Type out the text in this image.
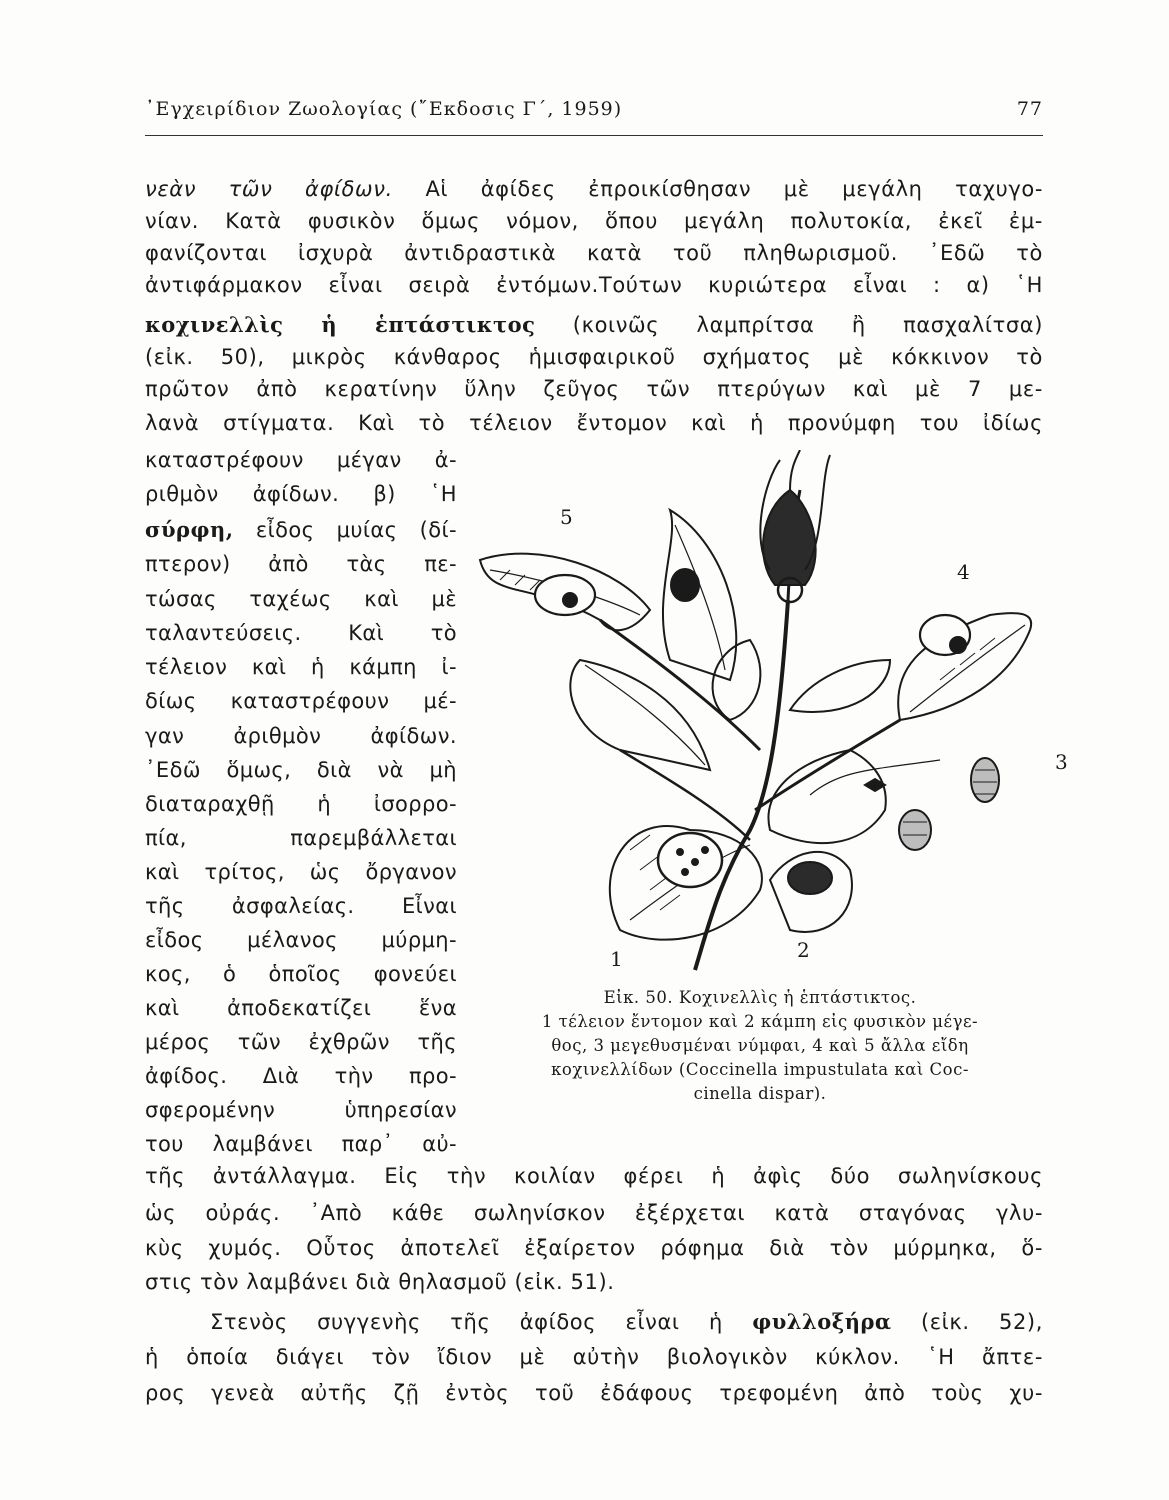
᾿Εγχειρίδιον Ζωολογίας (῎Εκδοσις Γ΄, 1959)	77
νεὰν τῶν ἀφίδων. Αἱ ἀφίδες ἐπροικίσθησαν μὲ μεγάλη ταχυγο-
νίαν. Κατὰ φυσικὸν ὅμως νόμον, ὅπου μεγάλη πολυτοκία, ἐκεῖ ἐμ-
φανίζονται ἰσχυρὰ ἀντιδραστικὰ κατὰ τοῦ πληθωρισμοῦ. ᾿Εδῶ τὸ
ἀντιφάρμακον εἶναι σειρὰ ἐντόμων.Τούτων κυριώτερα εἶναι : α) ῾Η
κοχινελλὶς ἡ ἑπτάστικτος (κοινῶς λαμπρίτσα ἢ πασχαλίτσα)
(εἰκ. 50), μικρὸς κάνθαρος ἡμισφαιρικοῦ σχήματος μὲ κόκκινον τὸ
πρῶτον ἀπὸ κερατίνην ὕλην ζεῦγος τῶν πτερύγων καὶ μὲ 7 με-
λανὰ στίγματα. Καὶ τὸ τέλειον ἔντομον καὶ ἡ προνύμφη του ἰδίως
καταστρέφουν μέγαν ἀ-
ριθμὸν ἀφίδων. β) ῾Η
σύρφη, εἶδος μυίας (δί-
πτερον) ἀπὸ τὰς πε-
τώσας ταχέως καὶ μὲ
ταλαντεύσεις. Καὶ τὸ
τέλειον καὶ ἡ κάμπη ἰ-
δίως καταστρέφουν μέ-
γαν ἀριθμὸν ἀφίδων.
᾿Εδῶ ὅμως, διὰ νὰ μὴ
διαταραχθῇ ἡ ἰσορρο-
πία, παρεμβάλλεται
καὶ τρίτος, ὡς ὄργανον
τῆς ἀσφαλείας. Εἶναι
εἶδος μέλανος μύρμη-
κος, ὁ ὁποῖος φονεύει
καὶ ἀποδεκατίζει ἕνα
μέρος τῶν ἐχθρῶν τῆς
ἀφίδος. Διὰ τὴν προ-
σφερομένην ὑπηρεσίαν
του λαμβάνει παρ᾿ αὐ-
5
4
3
1	2
Εἰκ. 50. Κοχινελλὶς ἡ ἑπτάστικτος.
1 τέλειον ἔντομον καὶ 2 κάμπη εἰς φυσικὸν μέγε-
θος, 3 μεγεθυσμέναι νύμφαι, 4 καὶ 5 ἄλλα εἴδη
κοχινελλίδων (Coccinella impustulata καὶ Coc-
cinella dispar).
τῆς ἀντάλλαγμα. Εἰς τὴν κοιλίαν φέρει ἡ ἀφὶς δύο σωληνίσκους
ὡς οὐράς. ᾿Απὸ κάθε σωληνίσκον ἐξέρχεται κατὰ σταγόνας γλυ-
κὺς χυμός. Οὗτος ἀποτελεῖ ἐξαίρετον ρόφημα διὰ τὸν μύρμηκα, ὅ-
στις τὸν λαμβάνει διὰ θηλασμοῦ (εἰκ. 51).
Στενὸς συγγενὴς τῆς ἀφίδος εἶναι ἡ φυλλοξήρα (εἰκ. 52),
ἡ ὁποία διάγει τὸν ἴδιον μὲ αὐτὴν βιολογικὸν κύκλον. ῾Η ἄπτε-
ρος γενεὰ αὐτῆς ζῇ ἐντὸς τοῦ ἐδάφους τρεφομένη ἀπὸ τοὺς χυ-
